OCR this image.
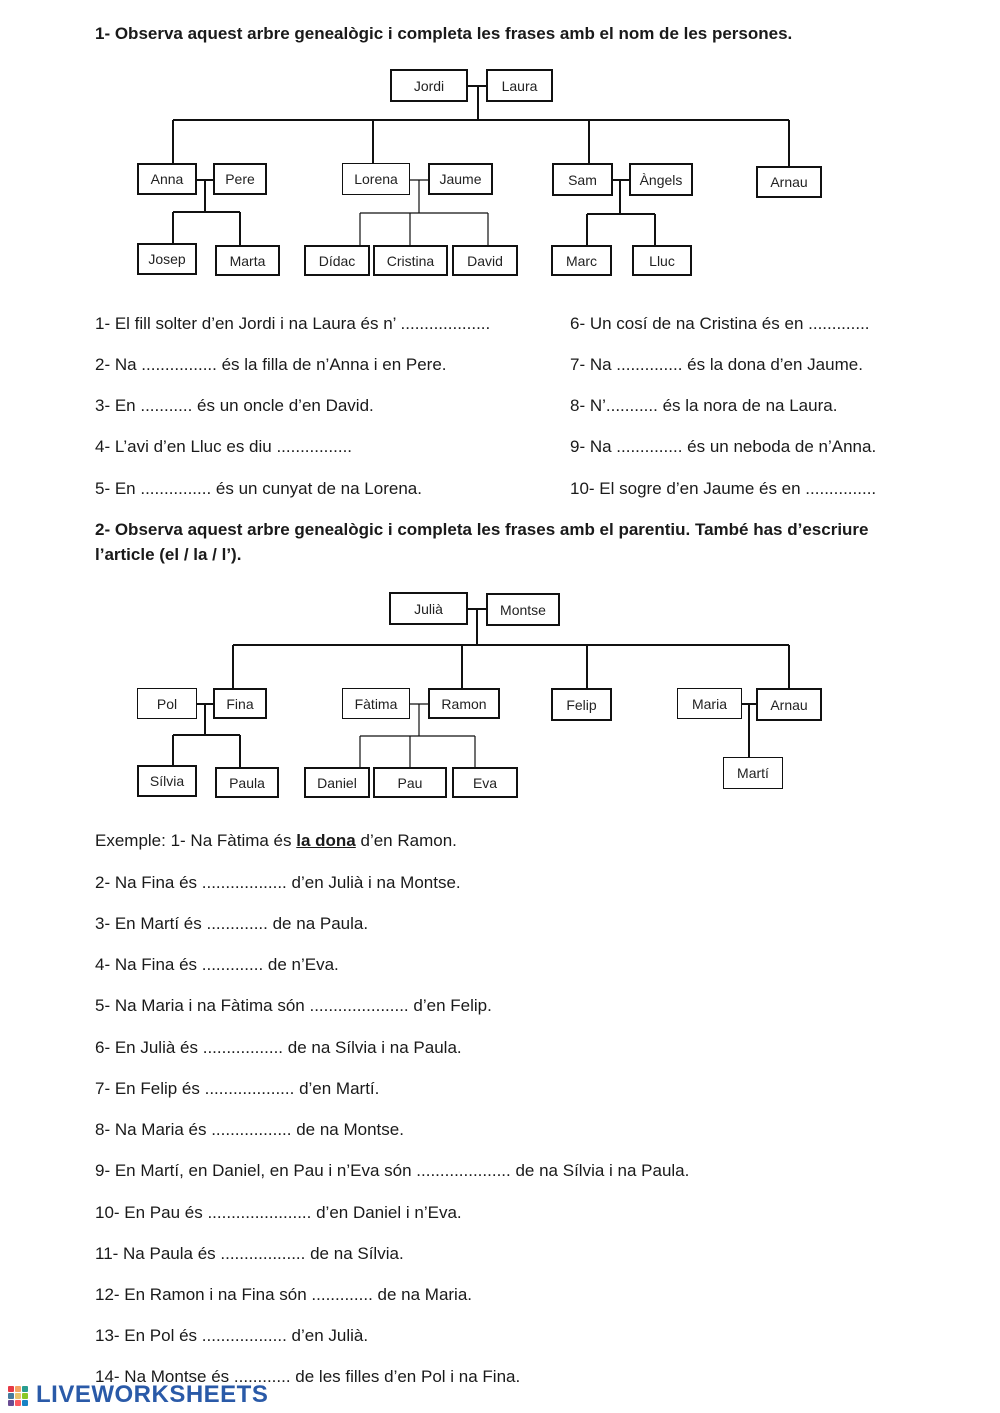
1- Observa aquest arbre genealògic i completa les frases amb el nom de les persones.
Jordi	Laura
Anna	Pere
Josep	Marta
Lorena	Jaume
Dídac	Cristina	David
Sam	Àngels
Marc	Lluc
Arnau
1- El fill solter d’en Jordi i na Laura és n’ ...................
2- Na ................ és la filla de n’Anna i en Pere.
3- En ........... és un oncle d’en David.
4- L’avi d’en Lluc es diu ................
5- En ............... és un cunyat de na Lorena.
6- Un cosí de na Cristina és en .............
7- Na .............. és la dona d’en Jaume.
8- N’........... és la nora de na Laura.
9- Na .............. és un neboda de n’Anna.
10- El sogre d’en Jaume és en ...............
2- Observa aquest arbre genealògic i completa les frases amb el parentiu. També has d’escriure
l’article (el / la / l’).
Julià	Montse
Pol	Fina
Sílvia	Paula
Fàtima	Ramon
Daniel	Pau	Eva
Felip	Maria	Arnau
Martí
Exemple: 1- Na Fàtima és la dona d’en Ramon.
2- Na Fina és .................. d’en Julià i na Montse.
3- En Martí és ............. de na Paula.
4- Na Fina és ............. de n’Eva.
5- Na Maria i na Fàtima són ..................... d’en Felip.
6- En Julià és ................. de na Sílvia i na Paula.
7- En Felip és ................... d’en Martí.
8- Na Maria és ................. de na Montse.
9- En Martí, en Daniel, en Pau i n’Eva són .................... de na Sílvia i na Paula.
10- En Pau és ...................... d’en Daniel i n’Eva.
11- Na Paula és .................. de na Sílvia.
12- En Ramon i na Fina són ............. de na Maria.
13- En Pol és .................. d’en Julià.
14- Na Montse és ............ de les filles d’en Pol i na Fina.
LIVEWORKSHEETS
